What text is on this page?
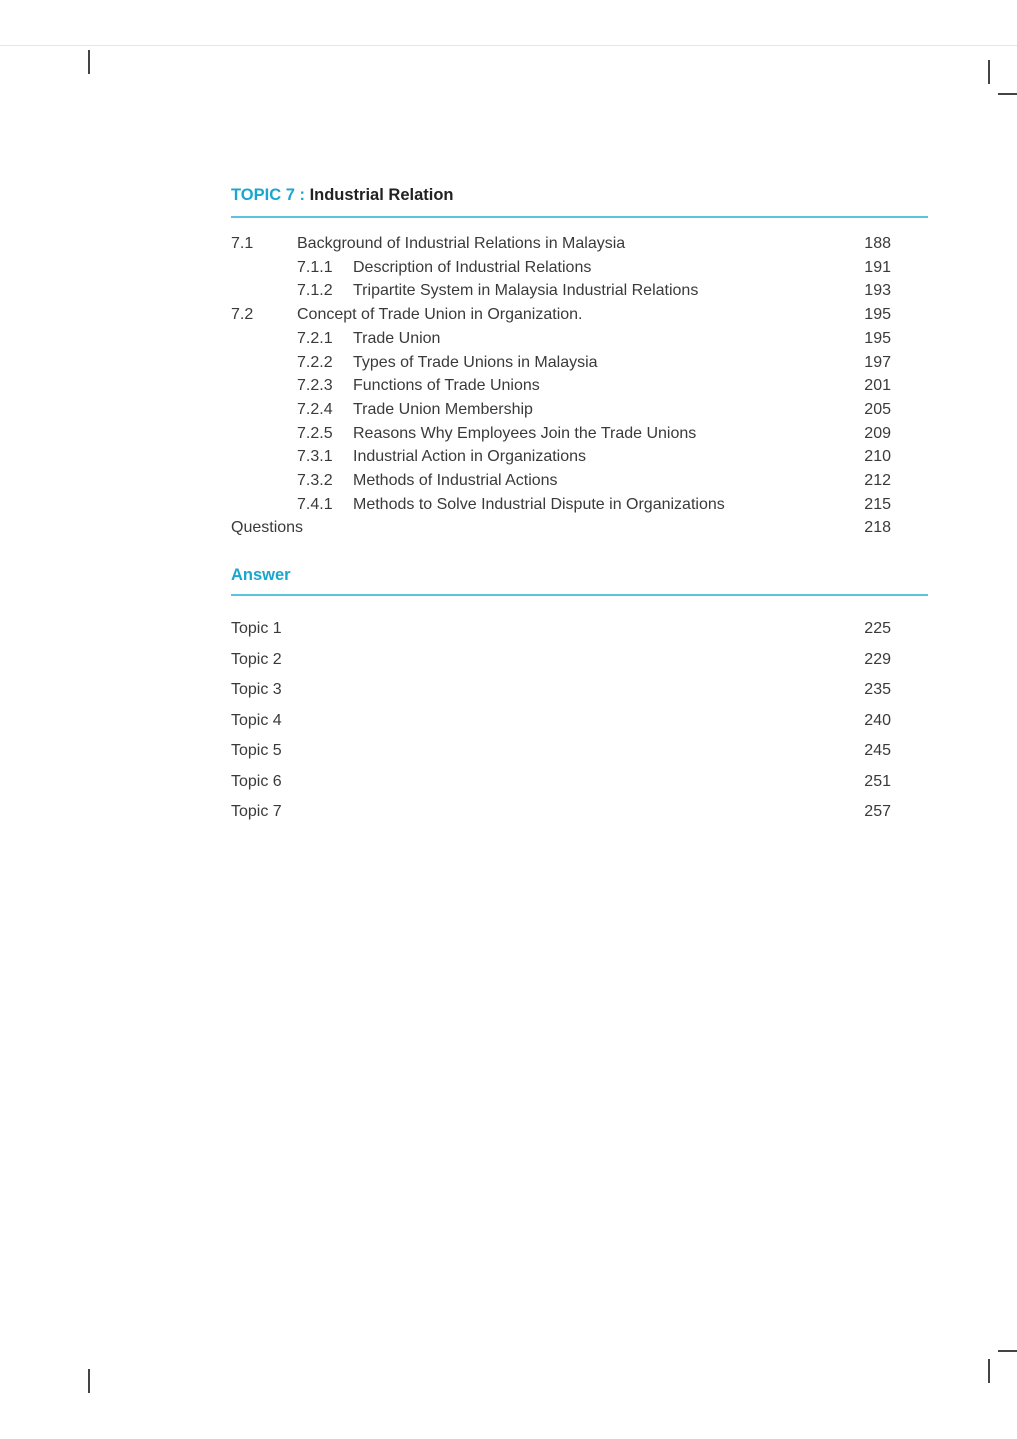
TOPIC 7 : Industrial Relation
7.1	Background of Industrial Relations in Malaysia	188
7.1.1 Description of Industrial Relations	191
7.1.2 Tripartite System in Malaysia Industrial Relations	193
7.2	Concept of Trade Union in Organization.	195
7.2.1 Trade Union	195
7.2.2 Types of Trade Unions in Malaysia	197
7.2.3 Functions of Trade Unions	201
7.2.4 Trade Union Membership	205
7.2.5 Reasons Why Employees Join the Trade Unions	209
7.3.1 Industrial Action in Organizations	210
7.3.2 Methods of Industrial Actions	212
7.4.1 Methods to Solve Industrial Dispute in Organizations	215
Questions	218
Answer
Topic 1	225
Topic 2	229
Topic 3	235
Topic 4	240
Topic 5	245
Topic 6	251
Topic 7	257
